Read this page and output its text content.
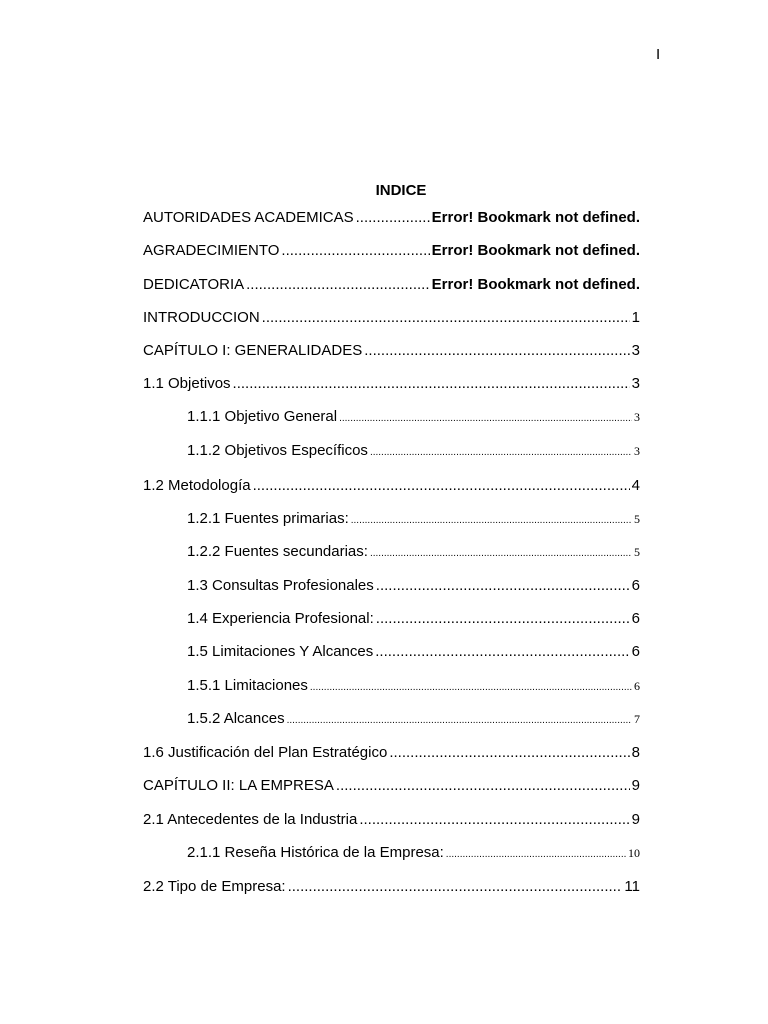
I
INDICE
AUTORIDADES ACADEMICAS .....	Error! Bookmark not defined.
AGRADECIMIENTO .....	Error! Bookmark not defined.
DEDICATORIA .....	Error! Bookmark not defined.
INTRODUCCION .....	1
CAPÍTULO I: GENERALIDADES .....	3
1.1 Objetivos .....	3
1.1.1 Objetivo General .....	3
1.1.2 Objetivos Específicos .....	3
1.2 Metodología .....	4
1.2.1 Fuentes primarias: .....	5
1.2.2 Fuentes secundarias: .....	5
1.3 Consultas Profesionales .....	6
1.4 Experiencia Profesional: .....	6
1.5 Limitaciones Y Alcances .....	6
1.5.1 Limitaciones .....	6
1.5.2 Alcances .....	7
1.6 Justificación del Plan Estratégico .....	8
CAPÍTULO II: LA EMPRESA .....	9
2.1 Antecedentes de la Industria .....	9
2.1.1 Reseña Histórica de la Empresa: .....	10
2.2 Tipo de Empresa: .....	11
